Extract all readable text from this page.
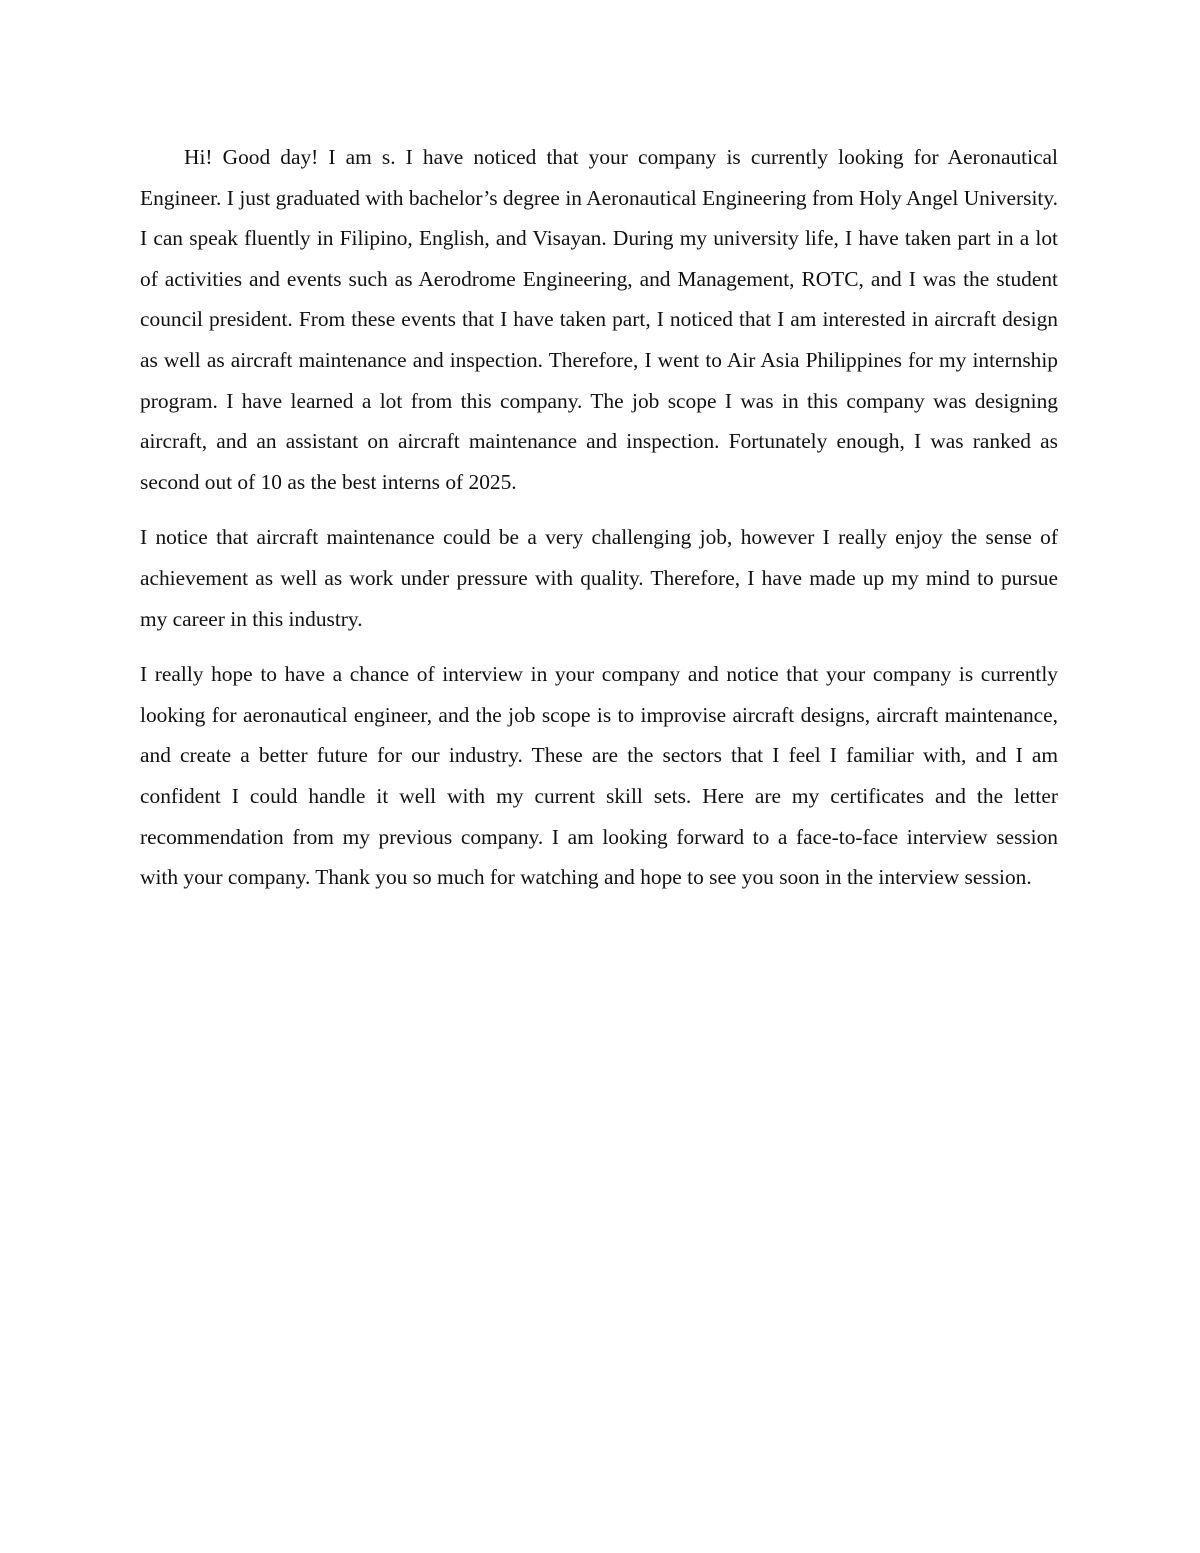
Hi! Good day! I am s. I have noticed that your company is currently looking for Aeronautical Engineer. I just graduated with bachelor’s degree in Aeronautical Engineering from Holy Angel University. I can speak fluently in Filipino, English, and Visayan. During my university life, I have taken part in a lot of activities and events such as Aerodrome Engineering, and Management, ROTC, and I was the student council president. From these events that I have taken part, I noticed that I am interested in aircraft design as well as aircraft maintenance and inspection. Therefore, I went to Air Asia Philippines for my internship program. I have learned a lot from this company. The job scope I was in this company was designing aircraft, and an assistant on aircraft maintenance and inspection. Fortunately enough, I was ranked as second out of 10 as the best interns of 2025.

I notice that aircraft maintenance could be a very challenging job, however I really enjoy the sense of achievement as well as work under pressure with quality. Therefore, I have made up my mind to pursue my career in this industry.

I really hope to have a chance of interview in your company and notice that your company is currently looking for aeronautical engineer, and the job scope is to improvise aircraft designs, aircraft maintenance, and create a better future for our industry. These are the sectors that I feel I familiar with, and I am confident I could handle it well with my current skill sets. Here are my certificates and the letter recommendation from my previous company. I am looking forward to a face-to-face interview session with your company. Thank you so much for watching and hope to see you soon in the interview session.
